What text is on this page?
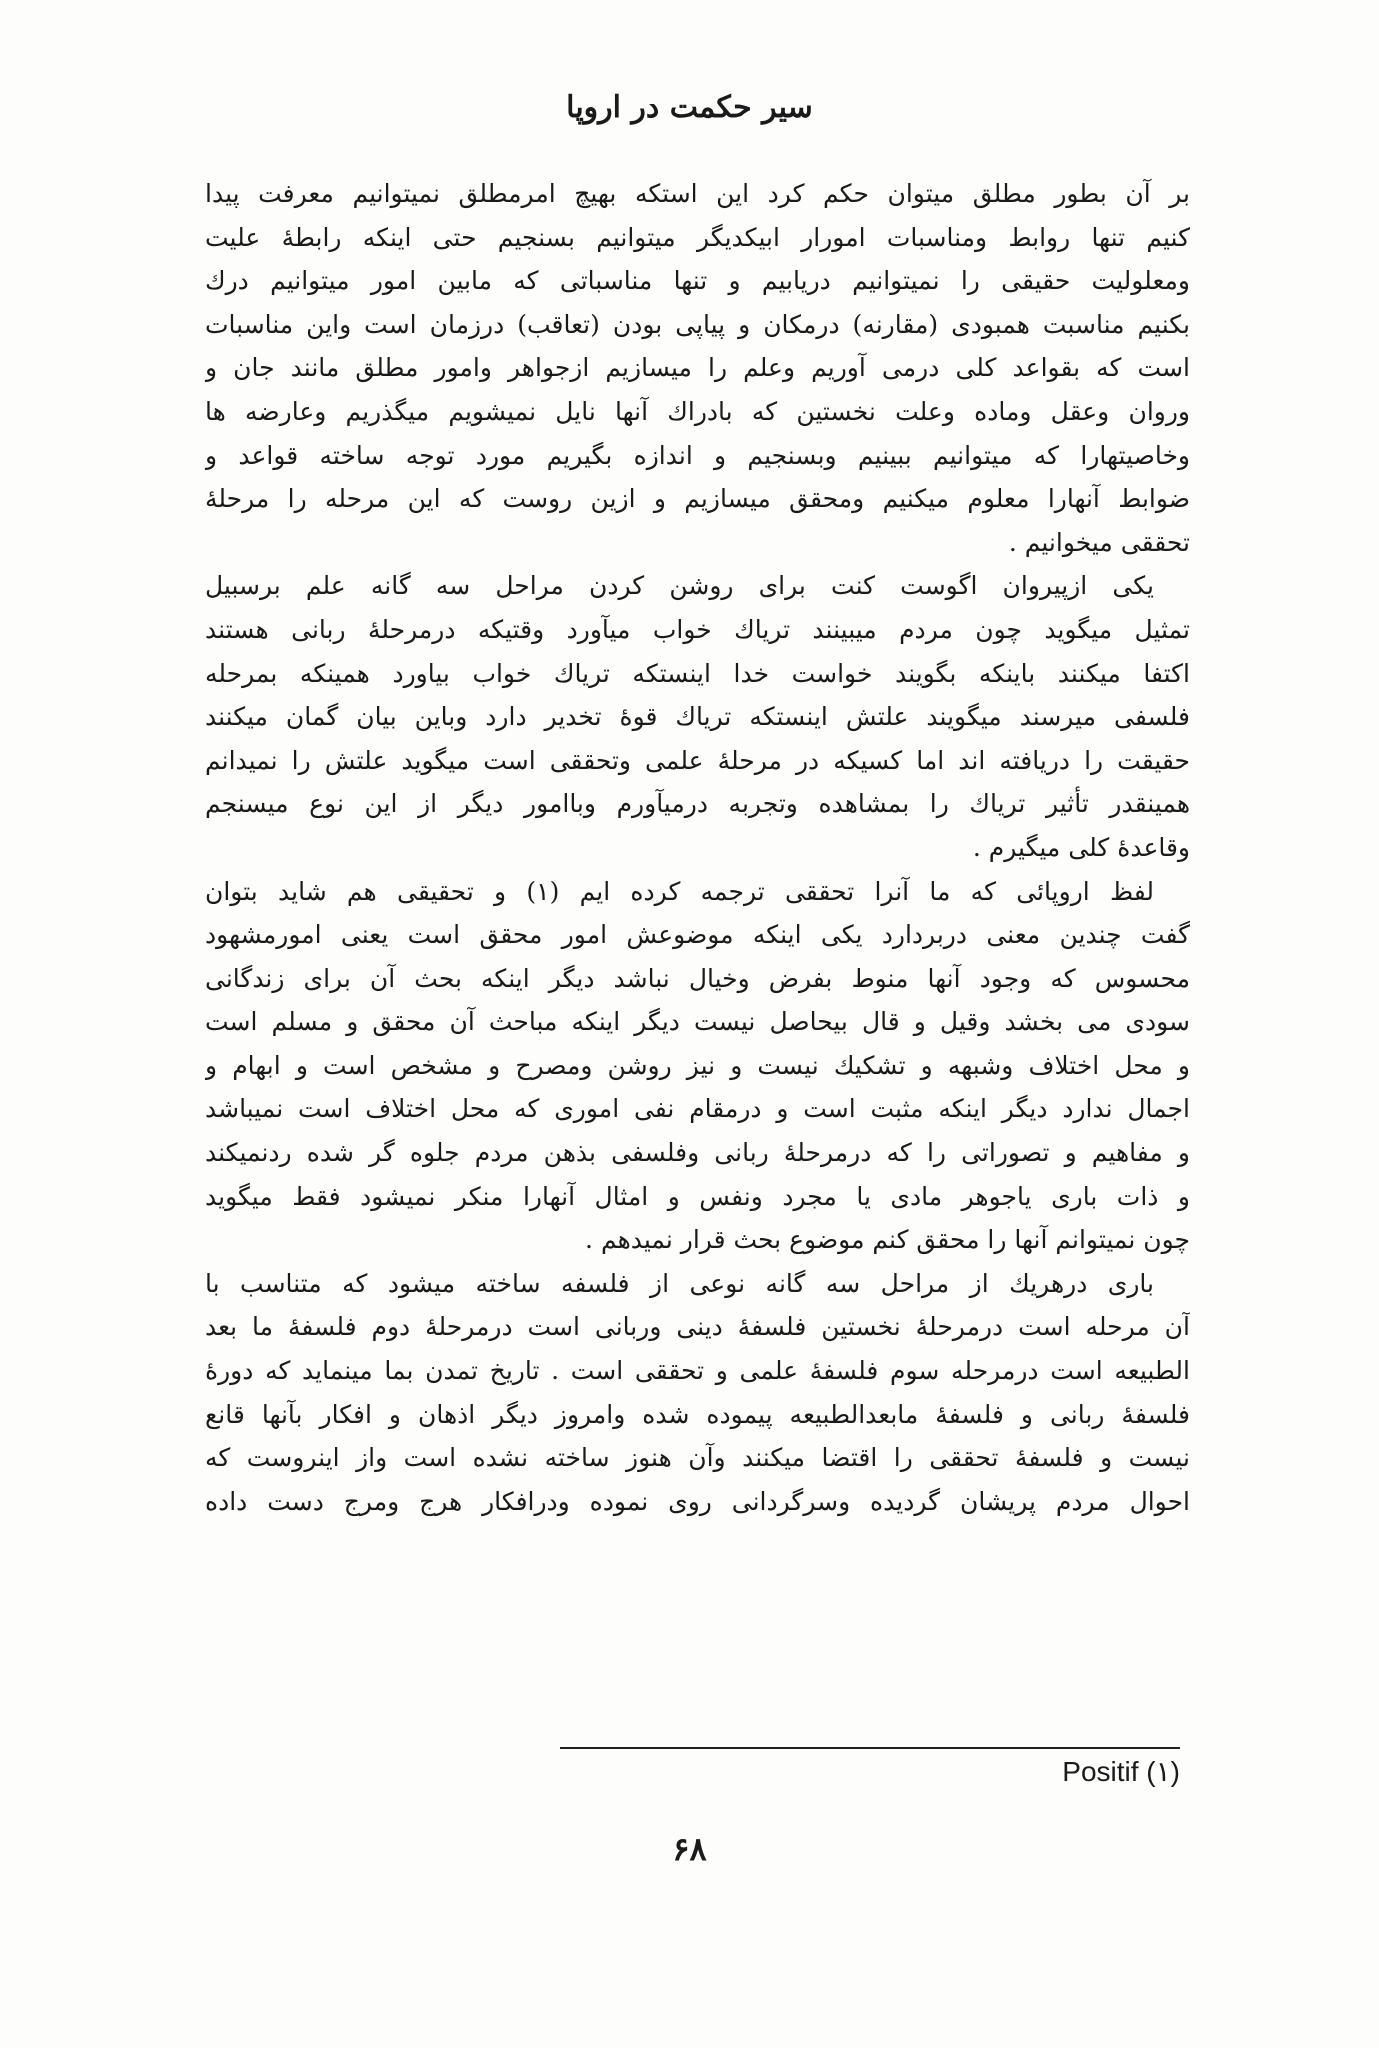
سیر حکمت در اروپا
بر آن بطور مطلق میتوان حکم کرد این استکه بهیچ امرمطلق نمیتوانیم معرفت پیدا
کنیم تنها روابط ومناسبات امورار ابیکدیگر میتوانیم بسنجیم حتی اینکه رابطهٔ علیت
ومعلولیت حقیقی را نمیتوانیم دریابیم و تنها مناسباتی که مابین امور میتوانیم درك
بکنیم مناسبت همبودی (مقارنه) درمکان و پیاپی بودن (تعاقب) درزمان است واین مناسبات
است که بقواعد کلی درمی آوریم وعلم را میسازیم ازجواهر وامور مطلق مانند جان و
وروان وعقل وماده وعلت نخستین که بادراك آنها نایل نمیشویم میگذریم وعارضه ها
وخاصیتهارا که میتوانیم ببینیم وبسنجیم و اندازه بگیریم مورد توجه ساخته قواعد و
ضوابط آنهارا معلوم میکنیم ومحقق میسازیم و ازین روست که این مرحله را مرحلهٔ
تحققی میخوانیم .
یکی ازپیروان اگوست کنت برای روشن کردن مراحل سه گانه علم برسبیل
تمثیل میگوید چون مردم میبینند تریاك خواب میآورد وقتیکه درمرحلهٔ ربانی هستند
اکتفا میکنند باینکه بگویند خواست خدا اینستکه تریاك خواب بیاورد همینکه بمرحله
فلسفی میرسند میگویند علتش اینستکه تریاك قوهٔ تخدیر دارد وباین بیان گمان میکنند
حقیقت را دریافته اند اما کسیکه در مرحلهٔ علمی وتحققی است میگوید علتش را نمیدانم
همینقدر تأثیر تریاك را بمشاهده وتجربه درمیآورم وباامور دیگر از این نوع میسنجم
وقاعدهٔ کلی میگیرم .
لفظ اروپائی که ما آنرا تحققی ترجمه کرده ایم (۱) و تحقیقی هم شاید بتوان
گفت چندین معنی دربردارد یکی اینکه موضوعش امور محقق است یعنی امورمشهود
محسوس که وجود آنها منوط بفرض وخیال نباشد دیگر اینکه بحث آن برای زندگانی
سودی می بخشد وقیل و قال بیحاصل نیست دیگر اینکه مباحث آن محقق و مسلم است
و محل اختلاف وشبهه و تشکیك نیست و نیز روشن ومصرح و مشخص است و ابهام و
اجمال ندارد دیگر اینکه مثبت است و درمقام نفی اموری که محل اختلاف است نمیباشد
و مفاهیم و تصوراتی را که درمرحلهٔ ربانی وفلسفی بذهن مردم جلوه گر شده ردنمیکند
و ذات باری یاجوهر مادی یا مجرد ونفس و امثال آنهارا منکر نمیشود فقط میگوید
چون نمیتوانم آنها را محقق کنم موضوع بحث قرار نمیدهم .
باری درهریك از مراحل سه گانه نوعی از فلسفه ساخته میشود که متناسب با
آن مرحله است درمرحلهٔ نخستین فلسفهٔ دینی وربانی است درمرحلهٔ دوم فلسفهٔ ما بعد
الطبیعه است درمرحله سوم فلسفهٔ علمی و تحققی است . تاریخ تمدن بما مینماید که دورهٔ
فلسفهٔ ربانی و فلسفهٔ مابعدالطبیعه پیموده شده وامروز دیگر اذهان و افکار بآنها قانع
نیست و فلسفهٔ تحققی را اقتضا میکنند وآن هنوز ساخته نشده است واز اینروست که
احوال مردم پریشان گردیده وسرگردانی روی نموده ودرافکار هرج ومرج دست داده
Positif (۱)
۶۸
